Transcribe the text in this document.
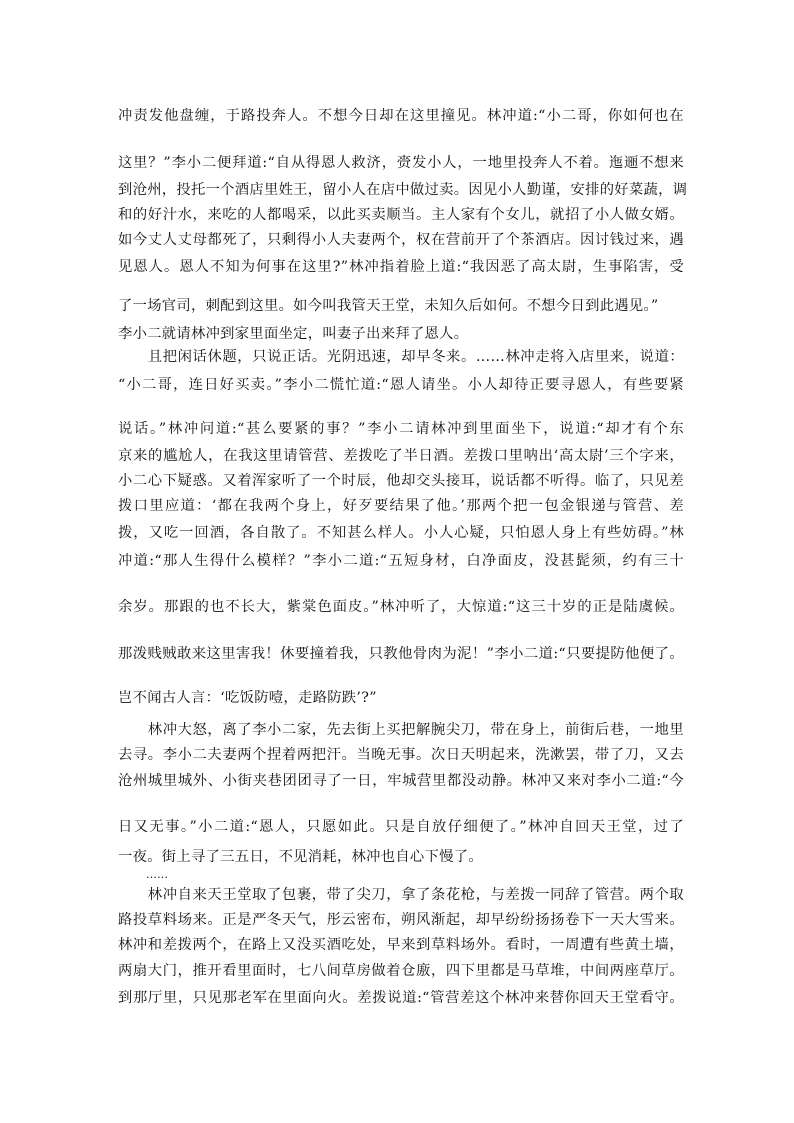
冲责发他盘缠，于路投奔人。不想今日却在这里撞见。林冲道:“小二哥，你如何也在
这里？”李小二便拜道:“自从得恩人救济，赍发小人，一地里投奔人不着。迤逦不想来
到沧州，投托一个酒店里姓王，留小人在店中做过卖。因见小人勤谨，安排的好菜蔬，调
和的好汁水，来吃的人都喝采，以此买卖顺当。主人家有个女儿，就招了小人做女婿。
如今丈人丈母都死了，只剩得小人夫妻两个，权在营前开了个茶酒店。因讨钱过来，遇
见恩人。恩人不知为何事在这里?”林冲指着脸上道:“我因恶了高太尉，生事陷害，受
了一场官司，刺配到这里。如今叫我管天王堂，未知久后如何。不想今日到此遇见。”
李小二就请林冲到家里面坐定，叫妻子出来拜了恩人。
　　且把闲话休题，只说正话。光阴迅速，却早冬来。……林冲走将入店里来，说道：
“小二哥，连日好买卖。”李小二慌忙道:“恩人请坐。小人却待正要寻恩人，有些要紧
说话。”林冲问道:“甚么要紧的事？”李小二请林冲到里面坐下，说道:“却才有个东
京来的尴尬人，在我这里请管营、差拨吃了半日酒。差拨口里呐出‘高太尉’三个字来，
小二心下疑惑。又着浑家听了一个时辰，他却交头接耳，说话都不听得。临了，只见差
拨口里应道：‘都在我两个身上，好歹要结果了他。’那两个把一包金银递与管营、差
拨，又吃一回酒，各自散了。不知甚么样人。小人心疑，只怕恩人身上有些妨碍。”林
冲道:“那人生得什么模样？”李小二道:“五短身材，白净面皮，没甚髭须，约有三十
余岁。那跟的也不长大，紫棠色面皮。”林冲听了，大惊道:“这三十岁的正是陆虞候。
那泼贱贼敢来这里害我！休要撞着我，只教他骨肉为泥！”李小二道:“只要提防他便了。
岂不闻古人言：‘吃饭防噎，走路防跌’?”
　　林冲大怒，离了李小二家，先去街上买把解腕尖刀，带在身上，前街后巷，一地里
去寻。李小二夫妻两个捏着两把汗。当晚无事。次日天明起来，洗漱罢，带了刀，又去
沧州城里城外、小街夹巷团团寻了一日，牢城营里都没动静。林冲又来对李小二道:“今
日又无事。”小二道:“恩人，只愿如此。只是自放仔细便了。”林冲自回天王堂，过了
一夜。街上寻了三五日，不见消耗，林冲也自心下慢了。
……
　　林冲自来天王堂取了包裹，带了尖刀，拿了条花枪，与差拨一同辞了管营。两个取
路投草料场来。正是严冬天气，彤云密布，朔风渐起，却早纷纷扬扬卷下一天大雪来。
林冲和差拨两个，在路上又没买酒吃处，早来到草料场外。看时，一周遭有些黄土墙，
两扇大门，推开看里面时，七八间草房做着仓廒，四下里都是马草堆，中间两座草厅。
到那厅里，只见那老军在里面向火。差拨说道:“管营差这个林冲来替你回天王堂看守。
